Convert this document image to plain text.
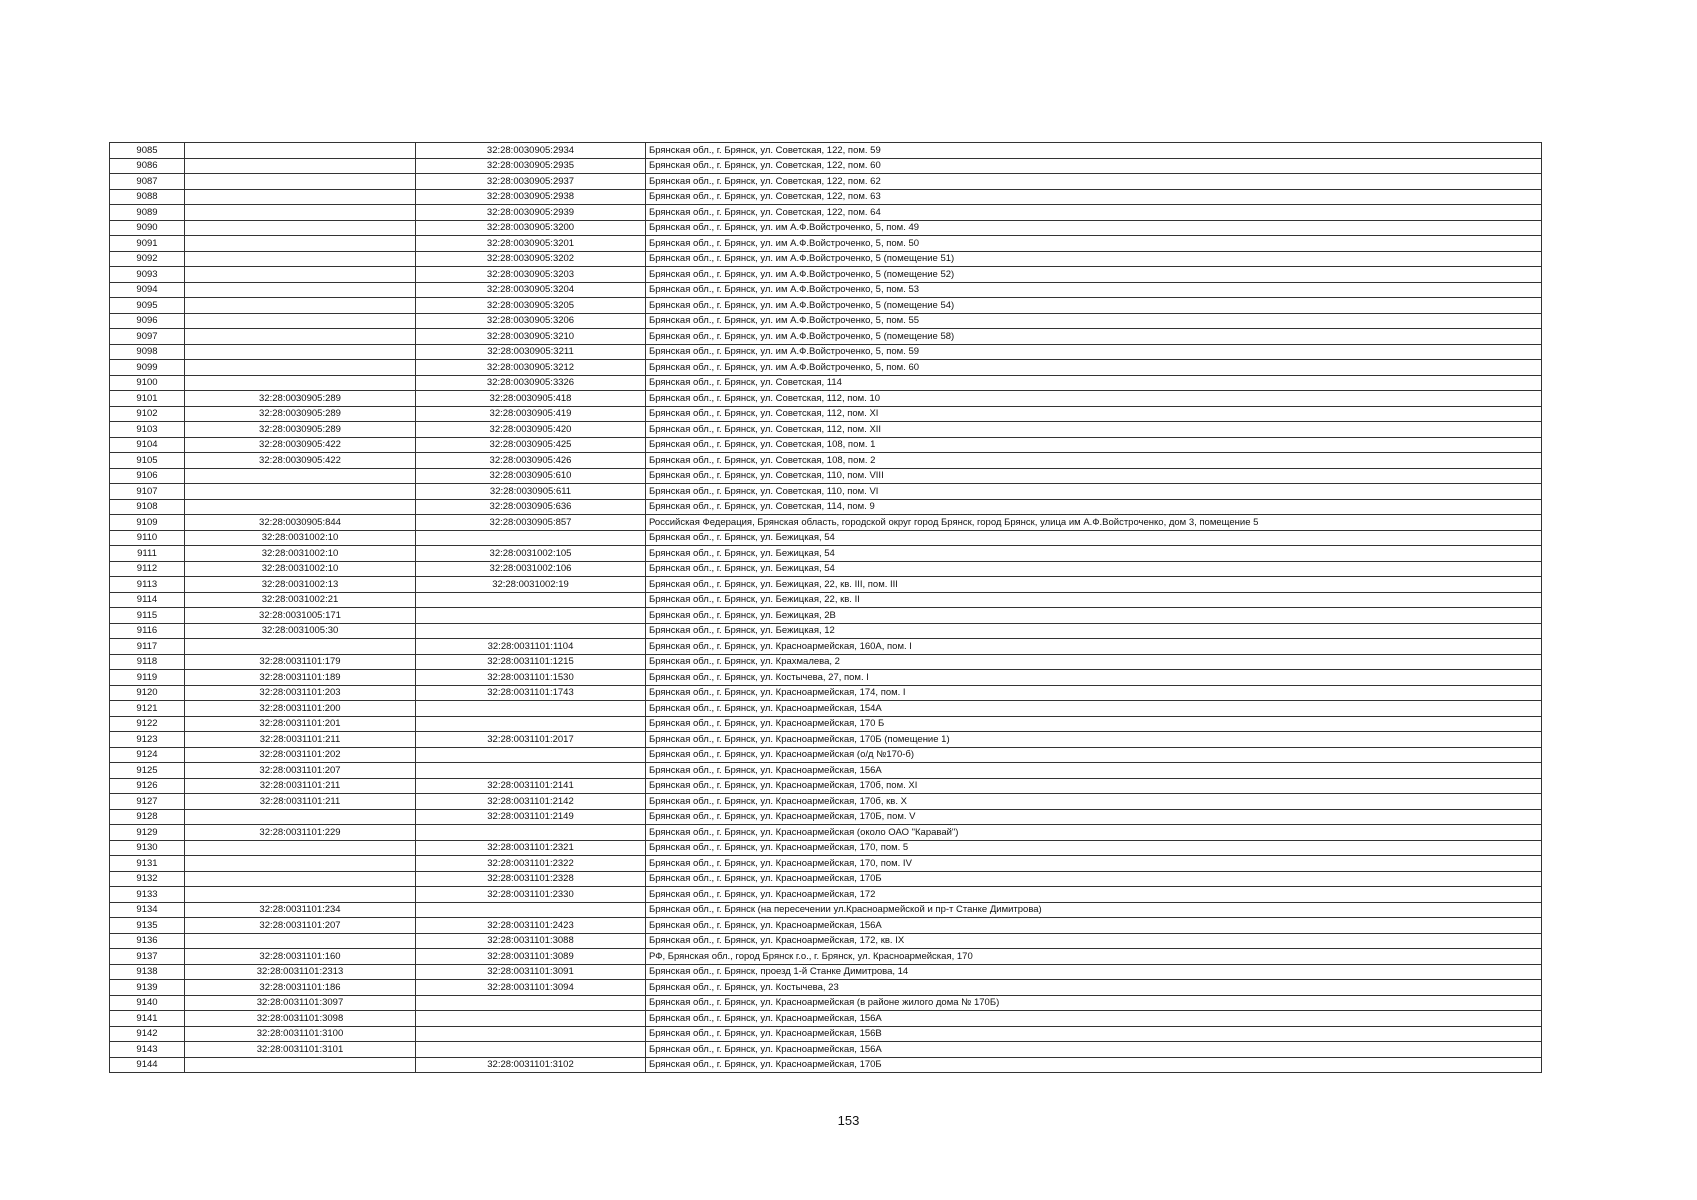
9085		32:28:0030905:2934	Брянская обл., г. Брянск, ул. Советская, 122, пом. 59
9086		32:28:0030905:2935	Брянская обл., г. Брянск, ул. Советская, 122, пом. 60
9087		32:28:0030905:2937	Брянская обл., г. Брянск, ул. Советская, 122, пом. 62
9088		32:28:0030905:2938	Брянская обл., г. Брянск, ул. Советская, 122, пом. 63
9089		32:28:0030905:2939	Брянская обл., г. Брянск, ул. Советская, 122, пом. 64
9090		32:28:0030905:3200	Брянская обл., г. Брянск, ул. им А.Ф.Войстроченко, 5, пом. 49
9091		32:28:0030905:3201	Брянская обл., г. Брянск, ул. им А.Ф.Войстроченко, 5, пом. 50
9092		32:28:0030905:3202	Брянская обл., г. Брянск, ул. им А.Ф.Войстроченко, 5 (помещение 51)
9093		32:28:0030905:3203	Брянская обл., г. Брянск, ул. им А.Ф.Войстроченко, 5 (помещение 52)
9094		32:28:0030905:3204	Брянская обл., г. Брянск, ул. им А.Ф.Войстроченко, 5, пом. 53
9095		32:28:0030905:3205	Брянская обл., г. Брянск, ул. им А.Ф.Войстроченко, 5 (помещение 54)
9096		32:28:0030905:3206	Брянская обл., г. Брянск, ул. им А.Ф.Войстроченко, 5, пом. 55
9097		32:28:0030905:3210	Брянская обл., г. Брянск, ул. им А.Ф.Войстроченко, 5 (помещение 58)
9098		32:28:0030905:3211	Брянская обл., г. Брянск, ул. им А.Ф.Войстроченко, 5, пом. 59
9099		32:28:0030905:3212	Брянская обл., г. Брянск, ул. им А.Ф.Войстроченко, 5, пом. 60
9100		32:28:0030905:3326	Брянская обл., г. Брянск, ул. Советская, 114
9101	32:28:0030905:289	32:28:0030905:418	Брянская обл., г. Брянск, ул. Советская, 112, пом. 10
9102	32:28:0030905:289	32:28:0030905:419	Брянская обл., г. Брянск, ул. Советская, 112, пом. XI
9103	32:28:0030905:289	32:28:0030905:420	Брянская обл., г. Брянск, ул. Советская, 112, пом. XII
9104	32:28:0030905:422	32:28:0030905:425	Брянская обл., г. Брянск, ул. Советская, 108, пом. 1
9105	32:28:0030905:422	32:28:0030905:426	Брянская обл., г. Брянск, ул. Советская, 108, пом. 2
9106		32:28:0030905:610	Брянская обл., г. Брянск, ул. Советская, 110, пом. VIII
9107		32:28:0030905:611	Брянская обл., г. Брянск, ул. Советская, 110, пом. VI
9108		32:28:0030905:636	Брянская обл., г. Брянск, ул. Советская, 114, пом. 9
9109	32:28:0030905:844	32:28:0030905:857	Российская Федерация, Брянская область, городской округ город Брянск, город Брянск, улица им А.Ф.Войстроченко, дом 3, помещение 5
9110	32:28:0031002:10		Брянская обл., г. Брянск, ул. Бежицкая, 54
9111	32:28:0031002:10	32:28:0031002:105	Брянская обл., г. Брянск, ул. Бежицкая, 54
9112	32:28:0031002:10	32:28:0031002:106	Брянская обл., г. Брянск, ул. Бежицкая, 54
9113	32:28:0031002:13	32:28:0031002:19	Брянская обл., г. Брянск, ул. Бежицкая, 22, кв. III, пом. III
9114	32:28:0031002:21		Брянская обл., г. Брянск, ул. Бежицкая, 22, кв. II
9115	32:28:0031005:171		Брянская обл., г. Брянск, ул. Бежицкая, 2В
9116	32:28:0031005:30		Брянская обл., г. Брянск, ул. Бежицкая, 12
9117		32:28:0031101:1104	Брянская обл., г. Брянск, ул. Красноармейская, 160А, пом. I
9118	32:28:0031101:179	32:28:0031101:1215	Брянская обл., г. Брянск, ул. Крахмалева, 2
9119	32:28:0031101:189	32:28:0031101:1530	Брянская обл., г. Брянск, ул. Костычева, 27, пом. I
9120	32:28:0031101:203	32:28:0031101:1743	Брянская обл., г. Брянск, ул. Красноармейская, 174, пом. I
9121	32:28:0031101:200		Брянская обл., г. Брянск, ул. Красноармейская, 154А
9122	32:28:0031101:201		Брянская обл., г. Брянск, ул. Красноармейская, 170 Б
9123	32:28:0031101:211	32:28:0031101:2017	Брянская обл., г. Брянск, ул. Красноармейская, 170Б (помещение 1)
9124	32:28:0031101:202		Брянская обл., г. Брянск, ул. Красноармейская (о/д №170-б)
9125	32:28:0031101:207		Брянская обл., г. Брянск, ул. Красноармейская, 156А
9126	32:28:0031101:211	32:28:0031101:2141	Брянская обл., г. Брянск, ул. Красноармейская, 170б, пом. XI
9127	32:28:0031101:211	32:28:0031101:2142	Брянская обл., г. Брянск, ул. Красноармейская, 170б, кв. X
9128		32:28:0031101:2149	Брянская обл., г. Брянск, ул. Красноармейская, 170Б, пом. V
9129	32:28:0031101:229		Брянская обл., г. Брянск, ул. Красноармейская (около ОАО "Каравай")
9130		32:28:0031101:2321	Брянская обл., г. Брянск, ул. Красноармейская, 170, пом. 5
9131		32:28:0031101:2322	Брянская обл., г. Брянск, ул. Красноармейская, 170, пом. IV
9132		32:28:0031101:2328	Брянская обл., г. Брянск, ул. Красноармейская, 170Б
9133		32:28:0031101:2330	Брянская обл., г. Брянск, ул. Красноармейская, 172
9134	32:28:0031101:234		Брянская обл., г. Брянск (на пересечении ул.Красноармейской и пр-т Станке Димитрова)
9135	32:28:0031101:207	32:28:0031101:2423	Брянская обл., г. Брянск, ул. Красноармейская, 156А
9136		32:28:0031101:3088	Брянская обл., г. Брянск, ул. Красноармейская, 172, кв. IX
9137	32:28:0031101:160	32:28:0031101:3089	РФ, Брянская обл., город Брянск г.о., г. Брянск, ул. Красноармейская, 170
9138	32:28:0031101:2313	32:28:0031101:3091	Брянская обл., г. Брянск, проезд 1-й Станке Димитрова, 14
9139	32:28:0031101:186	32:28:0031101:3094	Брянская обл., г. Брянск, ул. Костычева, 23
9140	32:28:0031101:3097		Брянская обл., г. Брянск, ул. Красноармейская (в районе жилого дома № 170Б)
9141	32:28:0031101:3098		Брянская обл., г. Брянск, ул. Красноармейская, 156А
9142	32:28:0031101:3100		Брянская обл., г. Брянск, ул. Красноармейская, 156В
9143	32:28:0031101:3101		Брянская обл., г. Брянск, ул. Красноармейская, 156А
9144		32:28:0031101:3102	Брянская обл., г. Брянск, ул. Красноармейская, 170Б
153
